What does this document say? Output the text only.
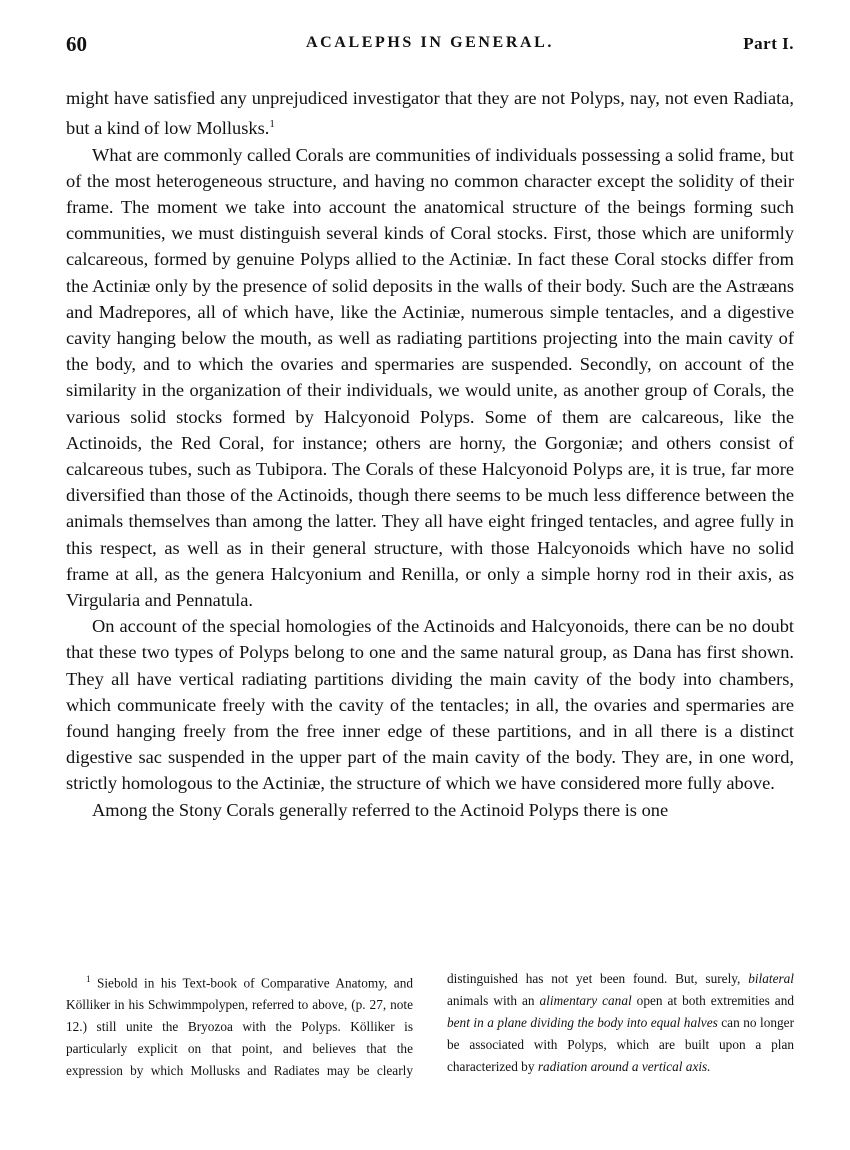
60	ACALEPHS IN GENERAL.	Part I.

might have satisfied any unprejudiced investigator that they are not Polyps, nay, not even Radiata, but a kind of low Mollusks.$^1$

What are commonly called Corals are communities of individuals possessing a solid frame, but of the most heterogeneous structure, and having no common character except the solidity of their frame. The moment we take into account the anatomical structure of the beings forming such communities, we must distinguish several kinds of Coral stocks. First, those which are uniformly calcareous, formed by genuine Polyps allied to the Actiniæ. In fact these Coral stocks differ from the Actiniæ only by the presence of solid deposits in the walls of their body. Such are the Astræans and Madrepores, all of which have, like the Actiniæ, numerous simple tentacles, and a digestive cavity hanging below the mouth, as well as radiating partitions projecting into the main cavity of the body, and to which the ovaries and spermaries are suspended. Secondly, on account of the similarity in the organization of their individuals, we would unite, as another group of Corals, the various solid stocks formed by Halcyonoid Polyps. Some of them are calcareous, like the Actinoids, the Red Coral, for instance; others are horny, the Gorgoniæ; and others consist of calcareous tubes, such as Tubipora. The Corals of these Halcyonoid Polyps are, it is true, far more diversified than those of the Actinoids, though there seems to be much less difference between the animals themselves than among the latter. They all have eight fringed tentacles, and agree fully in this respect, as well as in their general structure, with those Halcyonoids which have no solid frame at all, as the genera Halcyonium and Renilla, or only a simple horny rod in their axis, as Virgularia and Pennatula.

On account of the special homologies of the Actinoids and Halcyonoids, there can be no doubt that these two types of Polyps belong to one and the same natural group, as Dana has first shown. They all have vertical radiating partitions dividing the main cavity of the body into chambers, which communicate freely with the cavity of the tentacles; in all, the ovaries and spermaries are found hanging freely from the free inner edge of these partitions, and in all there is a distinct digestive sac suspended in the upper part of the main cavity of the body. They are, in one word, strictly homologous to the Actiniæ, the structure of which we have considered more fully above.

Among the Stony Corals generally referred to the Actinoid Polyps there is one

$^1$ Siebold in his Text-book of Comparative Anatomy, and Kölliker in his Schwimmpolypen, referred to above, (p. 27, note 12.) still unite the Bryozoa with the Polyps. Kölliker is particularly explicit on that point, and believes that the expression by which Mollusks and Radiates may be clearly distinguished has not yet been found. But, surely, bilateral animals with an alimentary canal open at both extremities and bent in a plane dividing the body into equal halves can no longer be associated with Polyps, which are built upon a plan characterized by radiation around a vertical axis.
